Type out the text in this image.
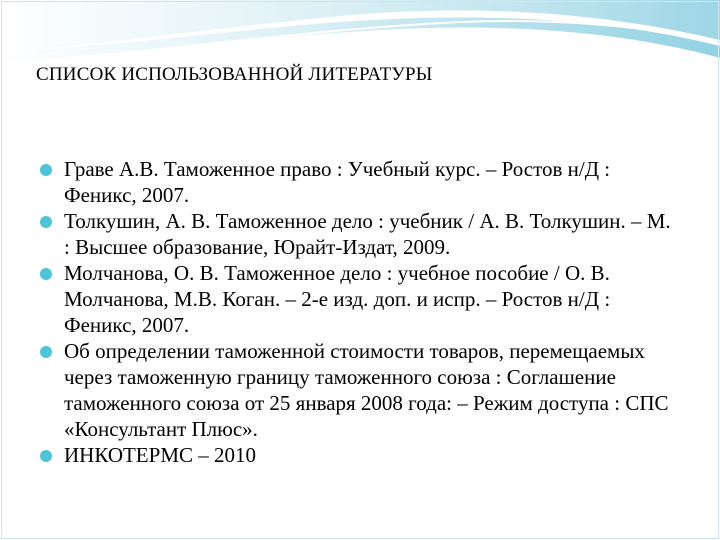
СПИСОК ИСПОЛЬЗОВАННОЙ ЛИТЕРАТУРЫ
Граве А.В. Таможенное право : Учебный курс. – Ростов н/Д : Феникс, 2007.
Толкушин, А. В. Таможенное дело : учебник / А. В. Толкушин. – М. : Высшее образование, Юрайт-Издат, 2009.
Молчанова, О. В. Таможенное дело : учебное пособие / О. В. Молчанова, М.В. Коган. – 2-е изд. доп. и испр. – Ростов н/Д : Феникс, 2007.
Об определении таможенной стоимости товаров, перемещаемых через таможенную границу таможенного союза : Соглашение таможенного союза от 25 января 2008 года: – Режим доступа : СПС «Консультант Плюс».
ИНКОТЕРМС – 2010
